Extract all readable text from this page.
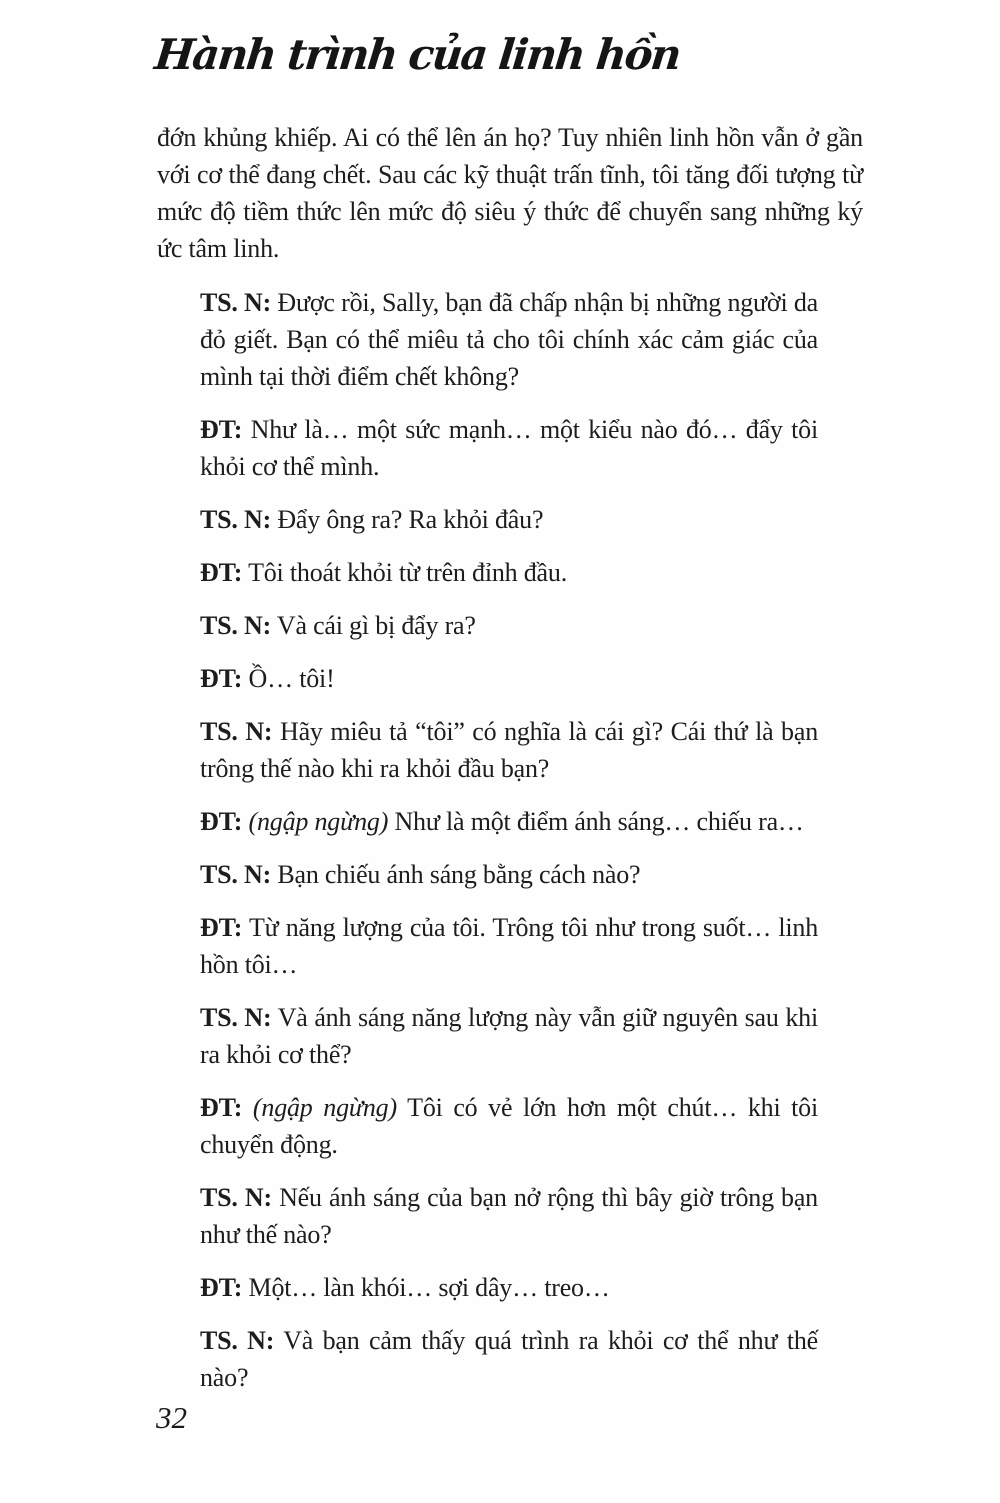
Hành trình của linh hồn

đớn khủng khiếp. Ai có thể lên án họ? Tuy nhiên linh hồn vẫn ở gần với cơ thể đang chết. Sau các kỹ thuật trấn tĩnh, tôi tăng đối tượng từ mức độ tiềm thức lên mức độ siêu ý thức để chuyển sang những ký ức tâm linh.

TS. N: Được rồi, Sally, bạn đã chấp nhận bị những người da đỏ giết. Bạn có thể miêu tả cho tôi chính xác cảm giác của mình tại thời điểm chết không?

ĐT: Như là… một sức mạnh… một kiểu nào đó… đẩy tôi khỏi cơ thể mình.

TS. N: Đẩy ông ra? Ra khỏi đâu?

ĐT: Tôi thoát khỏi từ trên đỉnh đầu.

TS. N: Và cái gì bị đẩy ra?

ĐT: Ồ… tôi!

TS. N: Hãy miêu tả “tôi” có nghĩa là cái gì? Cái thứ là bạn trông thế nào khi ra khỏi đầu bạn?

ĐT: (ngập ngừng) Như là một điểm ánh sáng… chiếu ra…

TS. N: Bạn chiếu ánh sáng bằng cách nào?

ĐT: Từ năng lượng của tôi. Trông tôi như trong suốt… linh hồn tôi…

TS. N: Và ánh sáng năng lượng này vẫn giữ nguyên sau khi ra khỏi cơ thể?

ĐT: (ngập ngừng) Tôi có vẻ lớn hơn một chút… khi tôi chuyển động.

TS. N: Nếu ánh sáng của bạn nở rộng thì bây giờ trông bạn như thế nào?

ĐT: Một… làn khói… sợi dây… treo…

TS. N: Và bạn cảm thấy quá trình ra khỏi cơ thể như thế nào?

32
